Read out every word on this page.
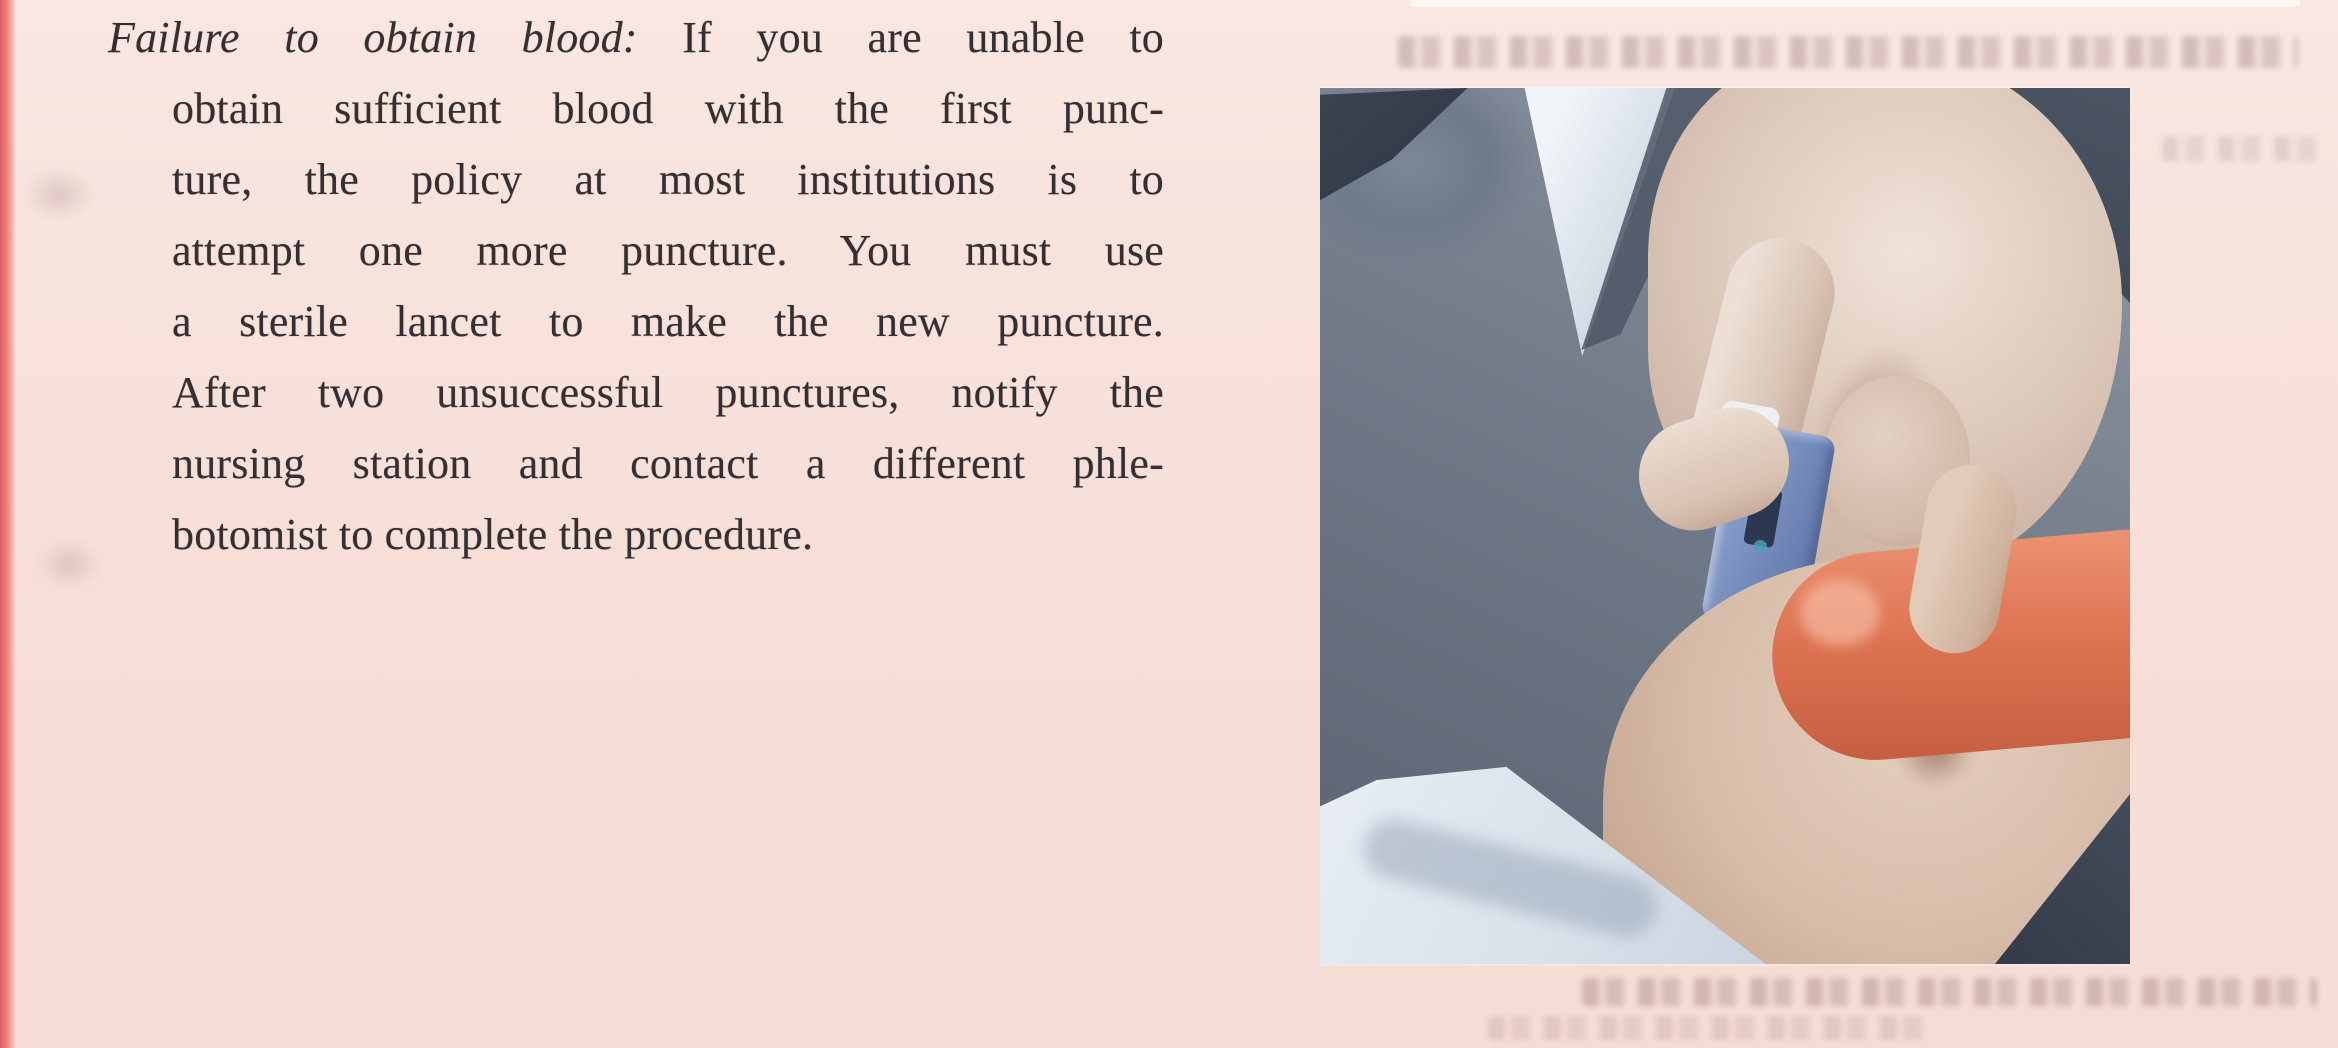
Failure to obtain blood: If you are unable to
obtain sufficient blood with the first punc-
ture, the policy at most institutions is to
attempt one more puncture. You must use
a sterile lancet to make the new puncture.
After two unsuccessful punctures, notify the
nursing station and contact a different phle-
botomist to complete the procedure.
